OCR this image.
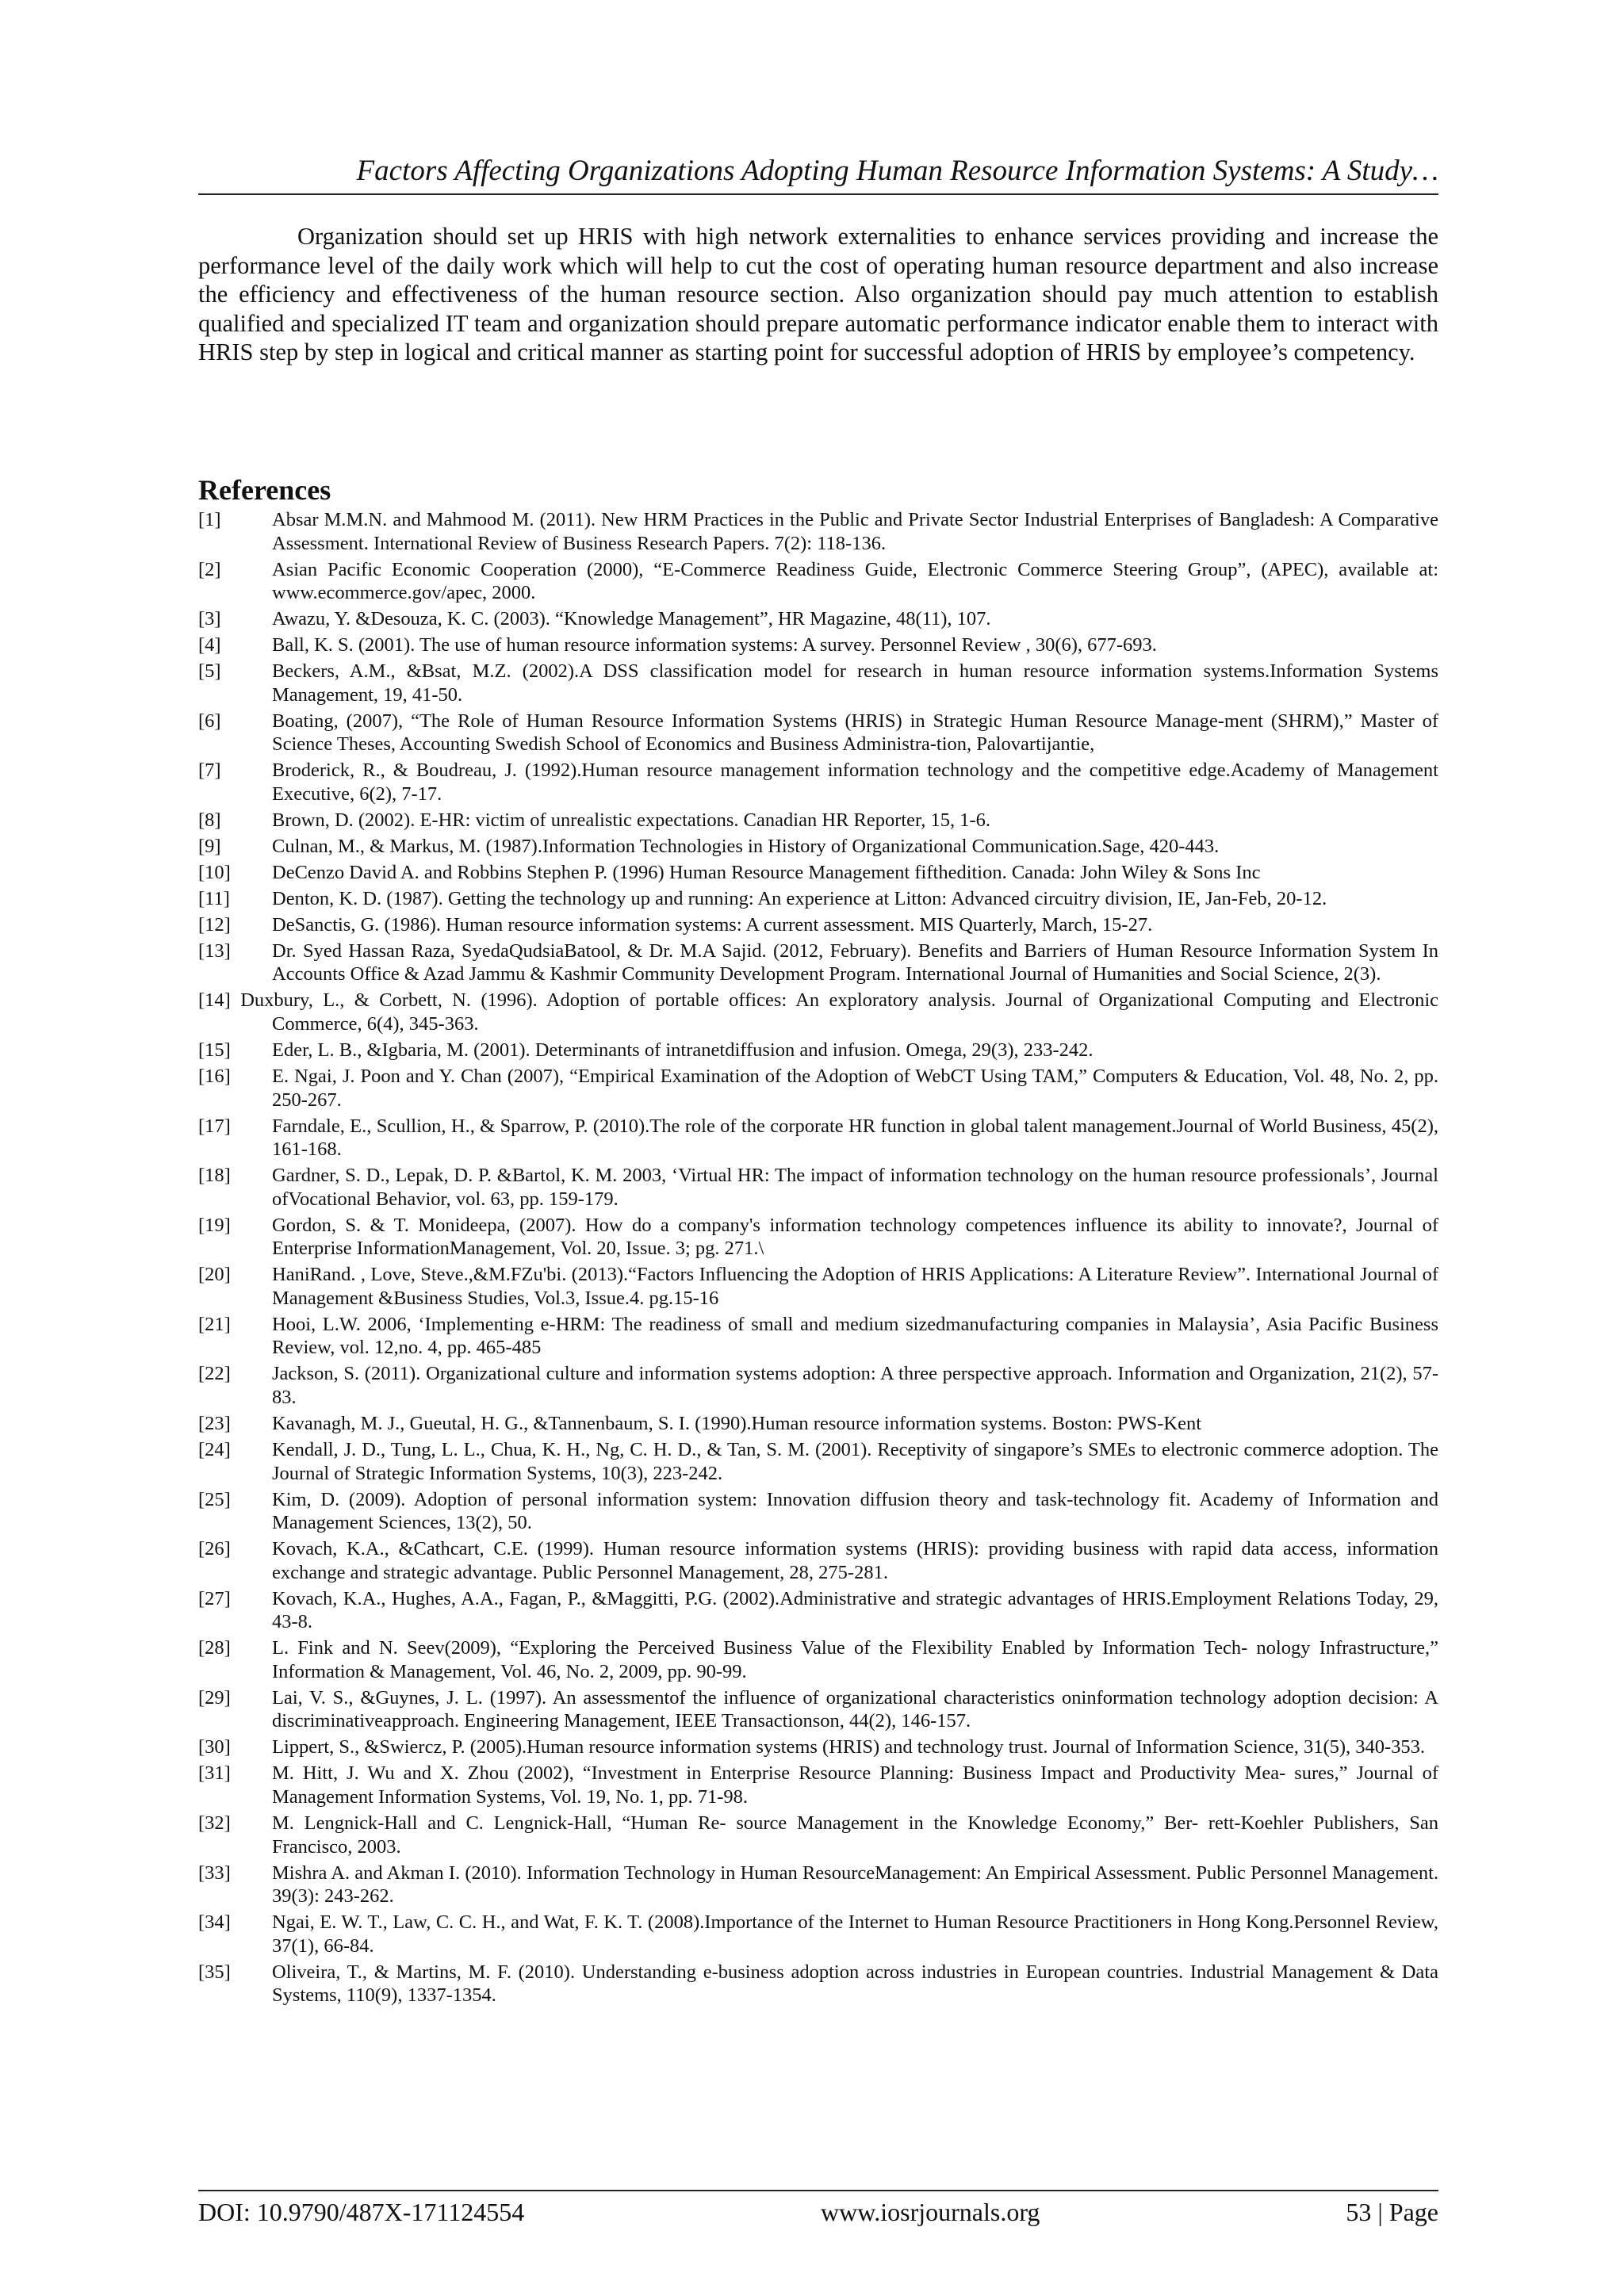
Factors Affecting Organizations Adopting Human Resource Information Systems: A Study…

Organization should set up HRIS with high network externalities to enhance services providing and increase the performance level of the daily work which will help to cut the cost of operating human resource department and also increase the efficiency and effectiveness of the human resource section. Also organization should pay much attention to establish qualified and specialized IT team and organization should prepare automatic performance indicator enable them to interact with HRIS step by step in logical and critical manner as starting point for successful adoption of HRIS by employee’s competency.

References
[1]	Absar M.M.N. and Mahmood M. (2011). New HRM Practices in the Public and Private Sector Industrial Enterprises of Bangladesh: A Comparative Assessment. International Review of Business Research Papers. 7(2): 118-136.
[2]	Asian Pacific Economic Cooperation (2000), “E-Commerce Readiness Guide, Electronic Commerce Steering Group”, (APEC), available at: www.ecommerce.gov/apec, 2000.
[3]	Awazu, Y. &Desouza, K. C. (2003). “Knowledge Management”, HR Magazine, 48(11), 107.
[4]	Ball, K. S. (2001). The use of human resource information systems: A survey. Personnel Review , 30(6), 677-693.
[5]	Beckers, A.M., &Bsat, M.Z. (2002).A DSS classification model for research in human resource information systems.Information Systems Management, 19, 41-50.
[6]	Boating, (2007), “The Role of Human Resource Information Systems (HRIS) in Strategic Human Resource Manage-ment (SHRM),” Master of Science Theses, Accounting Swedish School of Economics and Business Administra-tion, Palovartijantie,
[7]	Broderick, R., & Boudreau, J. (1992).Human resource management information technology and the competitive edge.Academy of Management Executive, 6(2), 7-17.
[8]	Brown, D. (2002). E-HR: victim of unrealistic expectations. Canadian HR Reporter, 15, 1-6.
[9]	Culnan, M., & Markus, M. (1987).Information Technologies in History of Organizational Communication.Sage, 420-443.
[10]	DeCenzo David A. and Robbins Stephen P. (1996) Human Resource Management fifthedition. Canada: John Wiley & Sons Inc
[11]	Denton, K. D. (1987). Getting the technology up and running: An experience at Litton: Advanced circuitry division, IE, Jan-Feb, 20-12.
[12]	DeSanctis, G. (1986). Human resource information systems: A current assessment. MIS Quarterly, March, 15-27.
[13]	Dr. Syed Hassan Raza, SyedaQudsiaBatool, & Dr. M.A Sajid. (2012, February). Benefits and Barriers of Human Resource Information System In Accounts Office & Azad Jammu & Kashmir Community Development Program. International Journal of Humanities and Social Science, 2(3).
[14] Duxbury, L., & Corbett, N. (1996). Adoption of portable offices: An exploratory analysis. Journal of Organizational Computing and Electronic Commerce, 6(4), 345-363.
[15]	Eder, L. B., &Igbaria, M. (2001). Determinants of intranetdiffusion and infusion. Omega, 29(3), 233-242.
[16]	E. Ngai, J. Poon and Y. Chan (2007), “Empirical Examination of the Adoption of WebCT Using TAM,” Computers & Education, Vol. 48, No. 2, pp. 250-267.
[17]	Farndale, E., Scullion, H., & Sparrow, P. (2010).The role of the corporate HR function in global talent management.Journal of World Business, 45(2), 161-168.
[18]	Gardner, S. D., Lepak, D. P. &Bartol, K. M. 2003, ‘Virtual HR: The impact of information technology on the human resource professionals’, Journal ofVocational Behavior, vol. 63, pp. 159-179.
[19]	Gordon, S. & T. Monideepa, (2007). How do a company's information technology competences influence its ability to innovate?, Journal of Enterprise InformationManagement, Vol. 20, Issue. 3; pg. 271.\
[20]	HaniRand. , Love, Steve.,&M.FZu'bi. (2013).“Factors Influencing the Adoption of HRIS Applications: A Literature Review”. International Journal of Management &Business Studies, Vol.3, Issue.4. pg.15-16
[21]	Hooi, L.W. 2006, ‘Implementing e-HRM: The readiness of small and medium sizedmanufacturing companies in Malaysia’, Asia Pacific Business Review, vol. 12,no. 4, pp. 465-485
[22]	Jackson, S. (2011). Organizational culture and information systems adoption: A three perspective approach. Information and Organization, 21(2), 57-83.
[23]	Kavanagh, M. J., Gueutal, H. G., &Tannenbaum, S. I. (1990).Human resource information systems. Boston: PWS-Kent
[24]	Kendall, J. D., Tung, L. L., Chua, K. H., Ng, C. H. D., & Tan, S. M. (2001). Receptivity of singapore’s SMEs to electronic commerce adoption. The Journal of Strategic Information Systems, 10(3), 223-242.
[25]	Kim, D. (2009). Adoption of personal information system: Innovation diffusion theory and task-technology fit. Academy of Information and Management Sciences, 13(2), 50.
[26]	Kovach, K.A., &Cathcart, C.E. (1999). Human resource information systems (HRIS): providing business with rapid data access, information exchange and strategic advantage. Public Personnel Management, 28, 275-281.
[27]	Kovach, K.A., Hughes, A.A., Fagan, P., &Maggitti, P.G. (2002).Administrative and strategic advantages of HRIS.Employment Relations Today, 29, 43-8.
[28]	L. Fink and N. Seev(2009), “Exploring the Perceived Business Value of the Flexibility Enabled by Information Tech- nology Infrastructure,” Information & Management, Vol. 46, No. 2, 2009, pp. 90-99.
[29]	Lai, V. S., &Guynes, J. L. (1997). An assessmentof the influence of organizational characteristics oninformation technology adoption decision: A discriminativeapproach. Engineering Management, IEEE Transactionson, 44(2), 146-157.
[30]	Lippert, S., &Swiercz, P. (2005).Human resource information systems (HRIS) and technology trust. Journal of Information Science, 31(5), 340-353.
[31]	M. Hitt, J. Wu and X. Zhou (2002), “Investment in Enterprise Resource Planning: Business Impact and Productivity Mea- sures,” Journal of Management Information Systems, Vol. 19, No. 1, pp. 71-98.
[32]	M. Lengnick-Hall and C. Lengnick-Hall, “Human Re- source Management in the Knowledge Economy,” Ber- rett-Koehler Publishers, San Francisco, 2003.
[33]	Mishra A. and Akman I. (2010). Information Technology in Human ResourceManagement: An Empirical Assessment. Public Personnel Management. 39(3): 243-262.
[34]	Ngai, E. W. T., Law, C. C. H., and Wat, F. K. T. (2008).Importance of the Internet to Human Resource Practitioners in Hong Kong.Personnel Review, 37(1), 66-84.
[35]	Oliveira, T., & Martins, M. F. (2010). Understanding e-business adoption across industries in European countries. Industrial Management & Data Systems, 110(9), 1337-1354.
DOI: 10.9790/487X-171124554	www.iosrjournals.org	53 | Page
